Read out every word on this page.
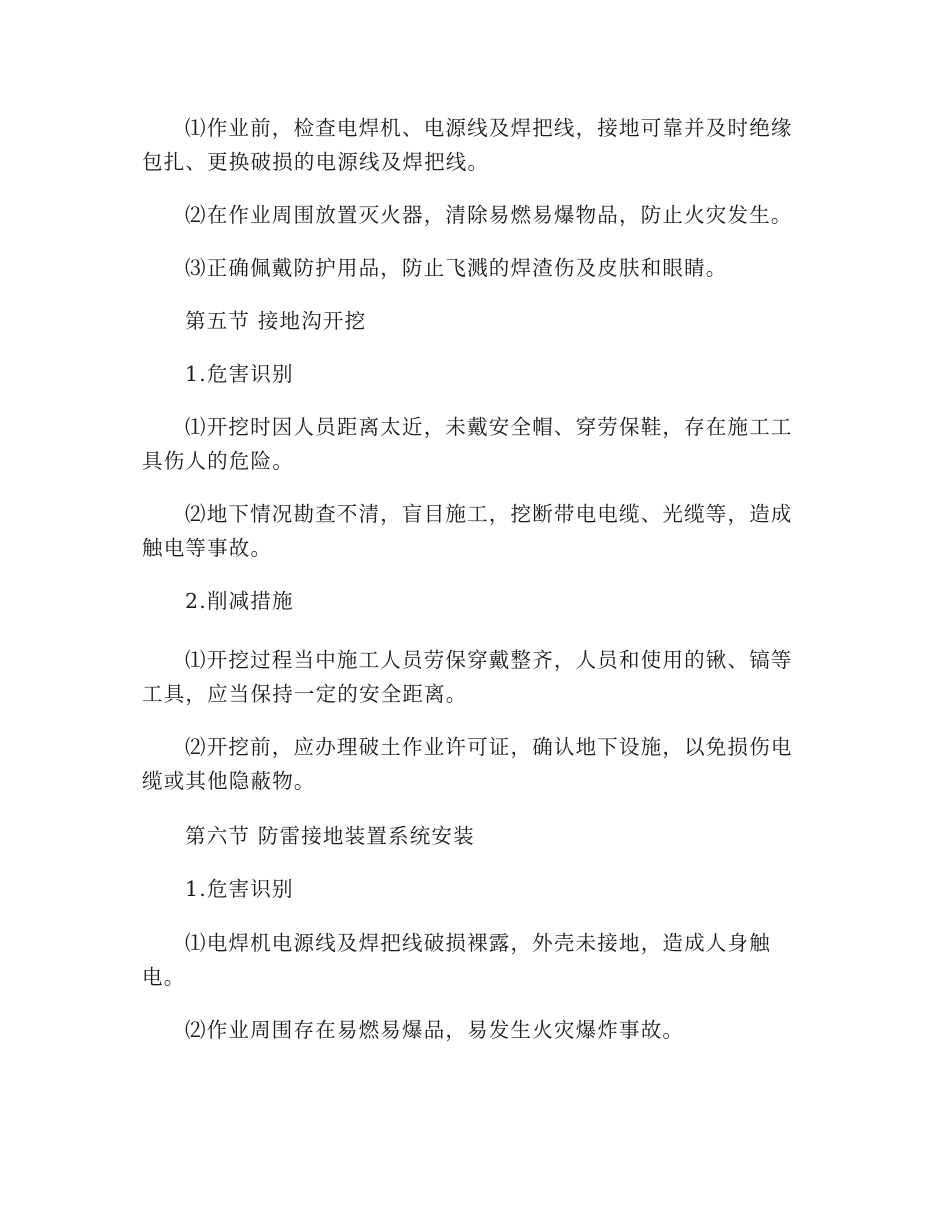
⑴作业前，检查电焊机、电源线及焊把线，接地可靠并及时绝缘
包扎、更换破损的电源线及焊把线。

⑵在作业周围放置灭火器，清除易燃易爆物品，防止火灾发生。

⑶正确佩戴防护用品，防止飞溅的焊渣伤及皮肤和眼睛。

第五节 接地沟开挖

1.危害识别

⑴开挖时因人员距离太近，未戴安全帽、穿劳保鞋，存在施工工
具伤人的危险。

⑵地下情况勘查不清，盲目施工，挖断带电电缆、光缆等，造成
触电等事故。

2.削减措施

⑴开挖过程当中施工人员劳保穿戴整齐，人员和使用的锹、镐等
工具，应当保持一定的安全距离。

⑵开挖前，应办理破土作业许可证，确认地下设施，以免损伤电
缆或其他隐蔽物。

第六节 防雷接地装置系统安装

1.危害识别

⑴电焊机电源线及焊把线破损裸露，外壳未接地，造成人身触
电。

⑵作业周围存在易燃易爆品，易发生火灾爆炸事故。
